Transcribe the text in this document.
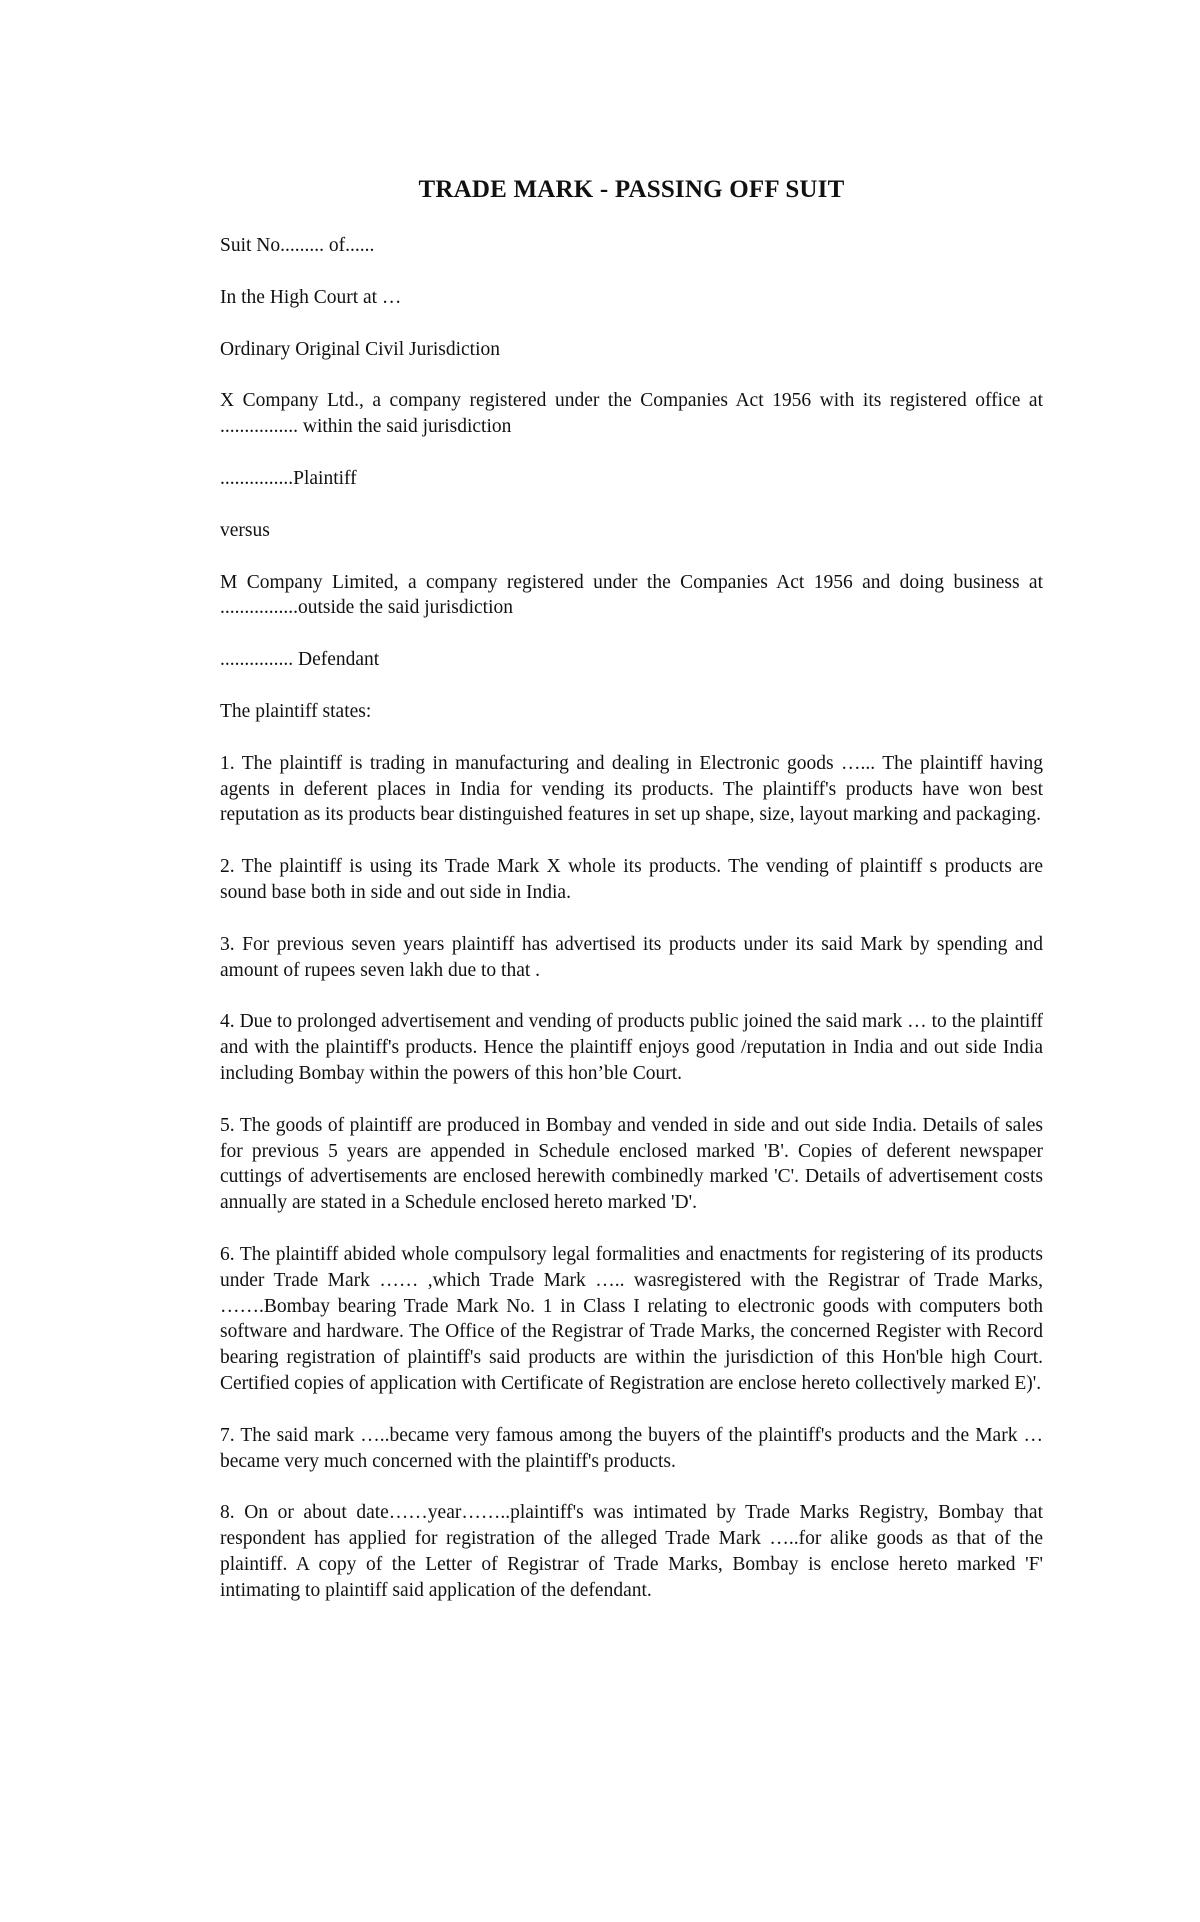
TRADE MARK - PASSING OFF SUIT

Suit No......... of......

In the High Court at …

Ordinary Original Civil Jurisdiction

X Company Ltd., a company registered under the Companies Act 1956 with its registered office at ................ within the said jurisdiction

...............Plaintiff

versus

M Company Limited, a company registered under the Companies Act 1956 and doing business at ................outside the said jurisdiction

............... Defendant

The plaintiff states:

1. The plaintiff is trading in manufacturing and dealing in Electronic goods …... The plaintiff having agents in deferent places in India for vending its products. The plaintiff's products have won best reputation as its products bear distinguished features in set up shape, size, layout marking and packaging.

2. The plaintiff is using its Trade Mark X whole its products. The vending of plaintiff s products are sound base both in side and out side in India.

3. For previous seven years plaintiff has advertised its products under its said Mark by spending and amount of rupees seven lakh due to that .

4. Due to prolonged advertisement and vending of products public joined the said mark … to the plaintiff and with the plaintiff's products. Hence the plaintiff enjoys good /reputation in India and out side India including Bombay within the powers of this hon’ble Court.

5. The goods of plaintiff are produced in Bombay and vended in side and out side India. Details of sales for previous 5 years are appended in Schedule enclosed marked 'B'. Copies of deferent newspaper cuttings of advertisements are enclosed herewith combinedly marked 'C'. Details of advertisement costs annually are stated in a Schedule enclosed hereto marked 'D'.

6. The plaintiff abided whole compulsory legal formalities and enactments for registering of its products under Trade Mark …… ,which Trade Mark ….. wasregistered with the Registrar of Trade Marks, …….Bombay bearing Trade Mark No. 1 in Class I relating to electronic goods with computers both software and hardware. The Office of the Registrar of Trade Marks, the concerned Register with Record bearing registration of plaintiff's said products are within the jurisdiction of this Hon'ble high Court. Certified copies of application with Certificate of Registration are enclose hereto collectively marked E)'.

7. The said mark …..became very famous among the buyers of the plaintiff's products and the Mark … became very much concerned with the plaintiff's products.

8. On or about date……year……..plaintiff's was intimated by Trade Marks Registry, Bombay that respondent has applied for registration of the alleged Trade Mark …..for alike goods as that of the plaintiff. A copy of the Letter of Registrar of Trade Marks, Bombay is enclose hereto marked 'F' intimating to plaintiff said application of the defendant.
